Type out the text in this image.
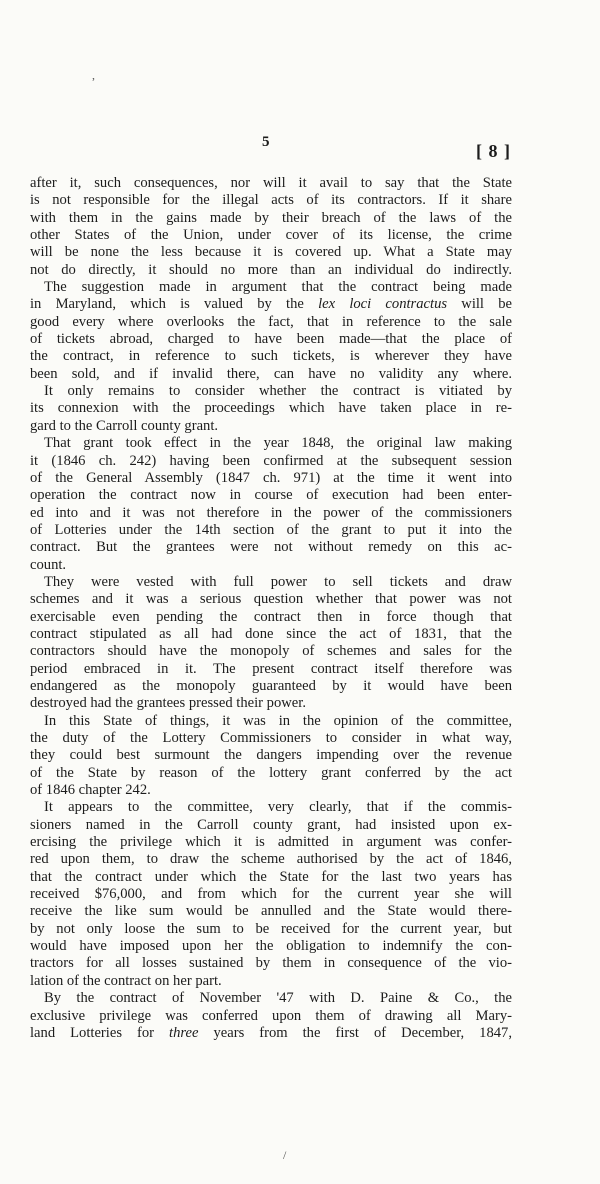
,
5	[ 8 ]
after it, such consequences, nor will it avail to say that the State
is not responsible for the illegal acts of its contractors. If it share
with them in the gains made by their breach of the laws of the
other States of the Union, under cover of its license, the crime
will be none the less because it is covered up. What a State may
not do directly, it should no more than an individual do indirectly.
The suggestion made in argument that the contract being made
in Maryland, which is valued by the lex loci contractus will be
good every where overlooks the fact, that in reference to the sale
of tickets abroad, charged to have been made—that the place of
the contract, in reference to such tickets, is wherever they have
been sold, and if invalid there, can have no validity any where.
It only remains to consider whether the contract is vitiated by
its connexion with the proceedings which have taken place in re-
gard to the Carroll county grant.
That grant took effect in the year 1848, the original law making
it (1846 ch. 242) having been confirmed at the subsequent session
of the General Assembly (1847 ch. 971) at the time it went into
operation the contract now in course of execution had been enter-
ed into and it was not therefore in the power of the commissioners
of Lotteries under the 14th section of the grant to put it into the
contract. But the grantees were not without remedy on this ac-
count.
They were vested with full power to sell tickets and draw
schemes and it was a serious question whether that power was not
exercisable even pending the contract then in force though that
contract stipulated as all had done since the act of 1831, that the
contractors should have the monopoly of schemes and sales for the
period embraced in it. The present contract itself therefore was
endangered as the monopoly guaranteed by it would have been
destroyed had the grantees pressed their power.
In this State of things, it was in the opinion of the committee,
the duty of the Lottery Commissioners to consider in what way,
they could best surmount the dangers impending over the revenue
of the State by reason of the lottery grant conferred by the act
of 1846 chapter 242.
It appears to the committee, very clearly, that if the commis-
sioners named in the Carroll county grant, had insisted upon ex-
ercising the privilege which it is admitted in argument was confer-
red upon them, to draw the scheme authorised by the act of 1846,
that the contract under which the State for the last two years has
received $76,000, and from which for the current year she will
receive the like sum would be annulled and the State would there-
by not only loose the sum to be received for the current year, but
would have imposed upon her the obligation to indemnify the con-
tractors for all losses sustained by them in consequence of the vio-
lation of the contract on her part.
By the contract of November '47 with D. Paine & Co., the
exclusive privilege was conferred upon them of drawing all Mary-
land Lotteries for three years from the first of December, 1847,
/
